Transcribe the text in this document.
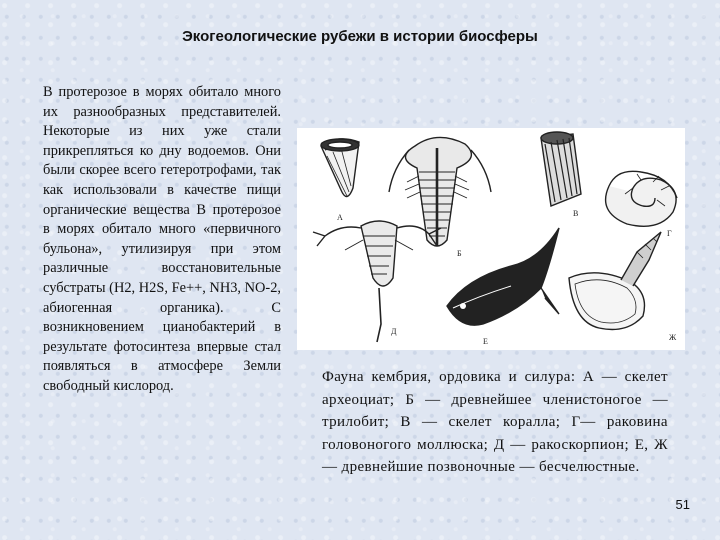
Экогеологические рубежи в истории биосферы
В протерозое в морях обитало много их разнообразных представителей. Некоторые из них уже стали прикрепляться ко дну водоемов. Они были скорее всего гетеротрофами, так как использовали в качестве пищи органические вещества В протерозое в морях обитало много «первичного бульона», утилизируя при этом различные восстановительные субстраты (H2, H2S, Fe++, NH3, NO-2, абиогенная органика). С возникновением цианобактерий в результате фотосинтеза впервые стал появляться в атмосфере Земли свободный кислород.
А
Б
В
Г
Д
Е	Ж
Фауна кембрия, ордовика и силура: А — скелет археоциат; Б — древнейшее членистоногое — трилобит; В — скелет коралла; Г— раковина головоногого моллюска; Д — ракоскорпион; Е, Ж — древнейшие позвоночные — бесчелюстные.
51
